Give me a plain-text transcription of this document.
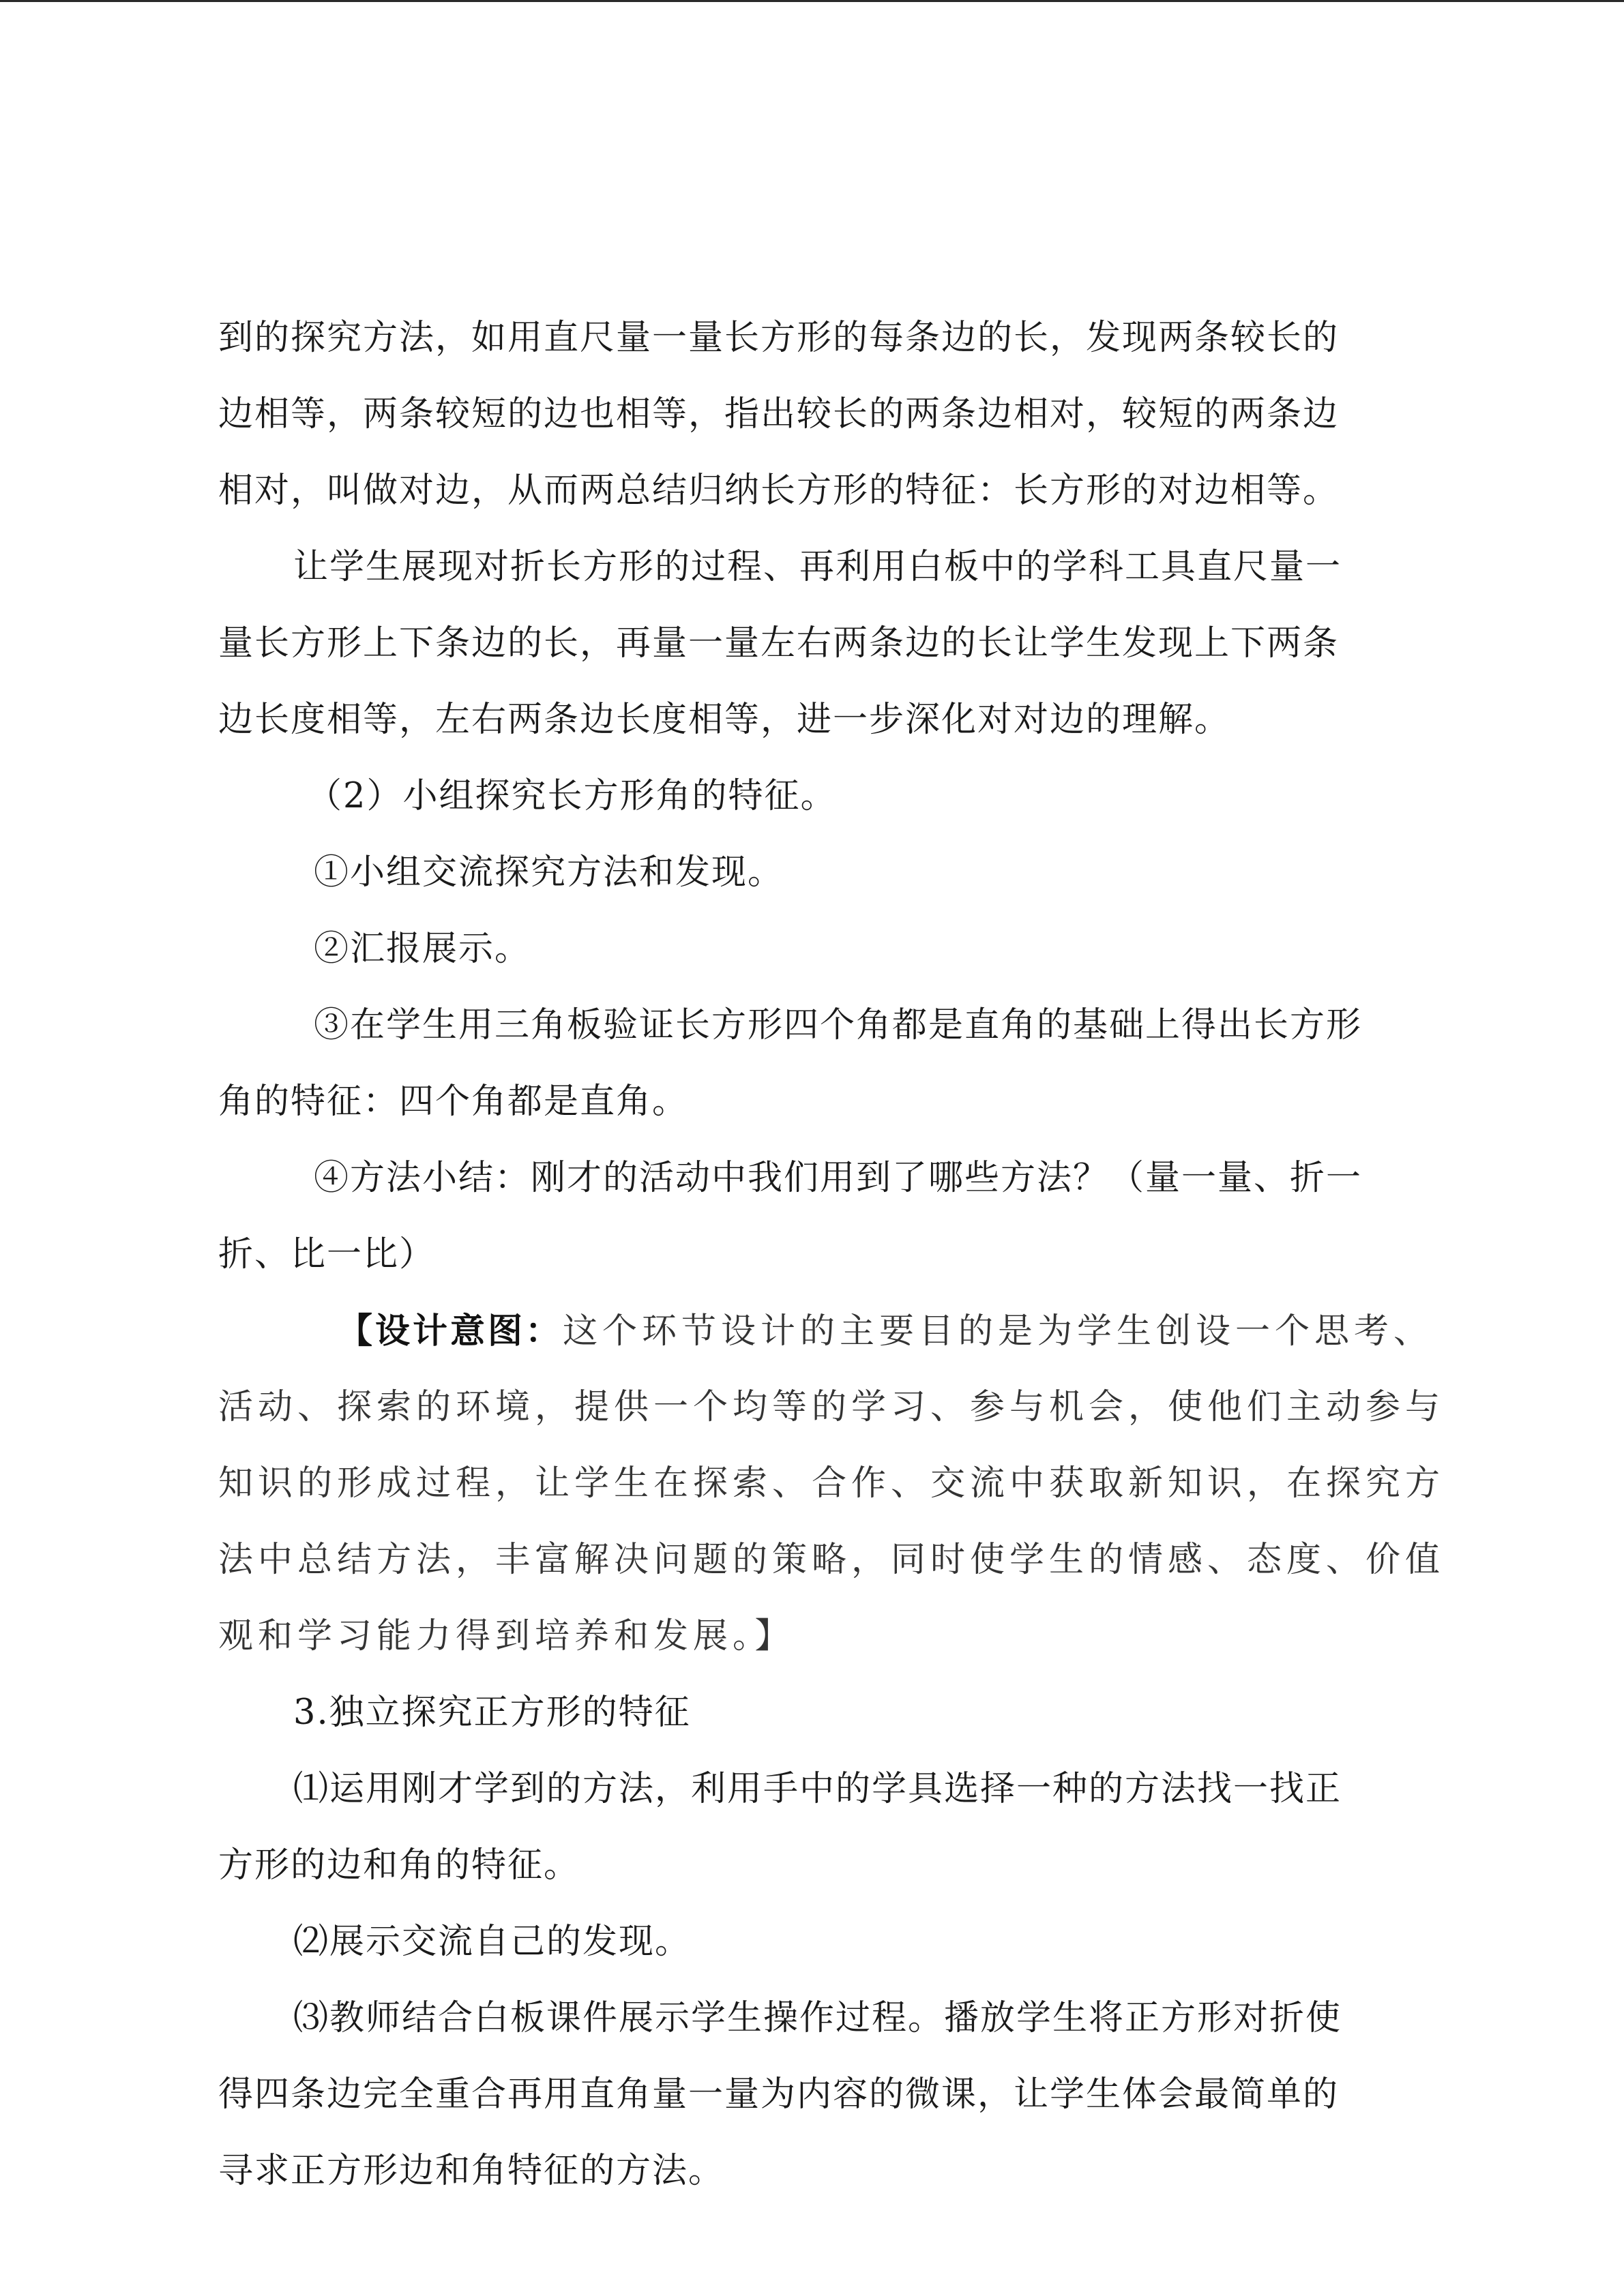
到的探究方法，如用直尺量一量长方形的每条边的长，发现两条较长的
边相等，两条较短的边也相等，指出较长的两条边相对，较短的两条边
相对，叫做对边，从而两总结归纳长方形的特征：长方形的对边相等。
让学生展现对折长方形的过程、再利用白板中的学科工具直尺量一
量长方形上下条边的长，再量一量左右两条边的长让学生发现上下两条
边长度相等，左右两条边长度相等，进一步深化对对边的理解。
（2）小组探究长方形角的特征。
①小组交流探究方法和发现。
②汇报展示。
③在学生用三角板验证长方形四个角都是直角的基础上得出长方形
角的特征：四个角都是直角。
④方法小结：刚才的活动中我们用到了哪些方法？（量一量、折一
折、比一比）
【设计意图：这个环节设计的主要目的是为学生创设一个思考、
活动、探索的环境，提供一个均等的学习、参与机会，使他们主动参与
知识的形成过程，让学生在探索、合作、交流中获取新知识，在探究方
法中总结方法，丰富解决问题的策略，同时使学生的情感、态度、价值
观和学习能力得到培养和发展。】
3.独立探究正方形的特征
⑴运用刚才学到的方法，利用手中的学具选择一种的方法找一找正
方形的边和角的特征。
⑵展示交流自己的发现。
⑶教师结合白板课件展示学生操作过程。播放学生将正方形对折使
得四条边完全重合再用直角量一量为内容的微课，让学生体会最简单的
寻求正方形边和角特征的方法。
